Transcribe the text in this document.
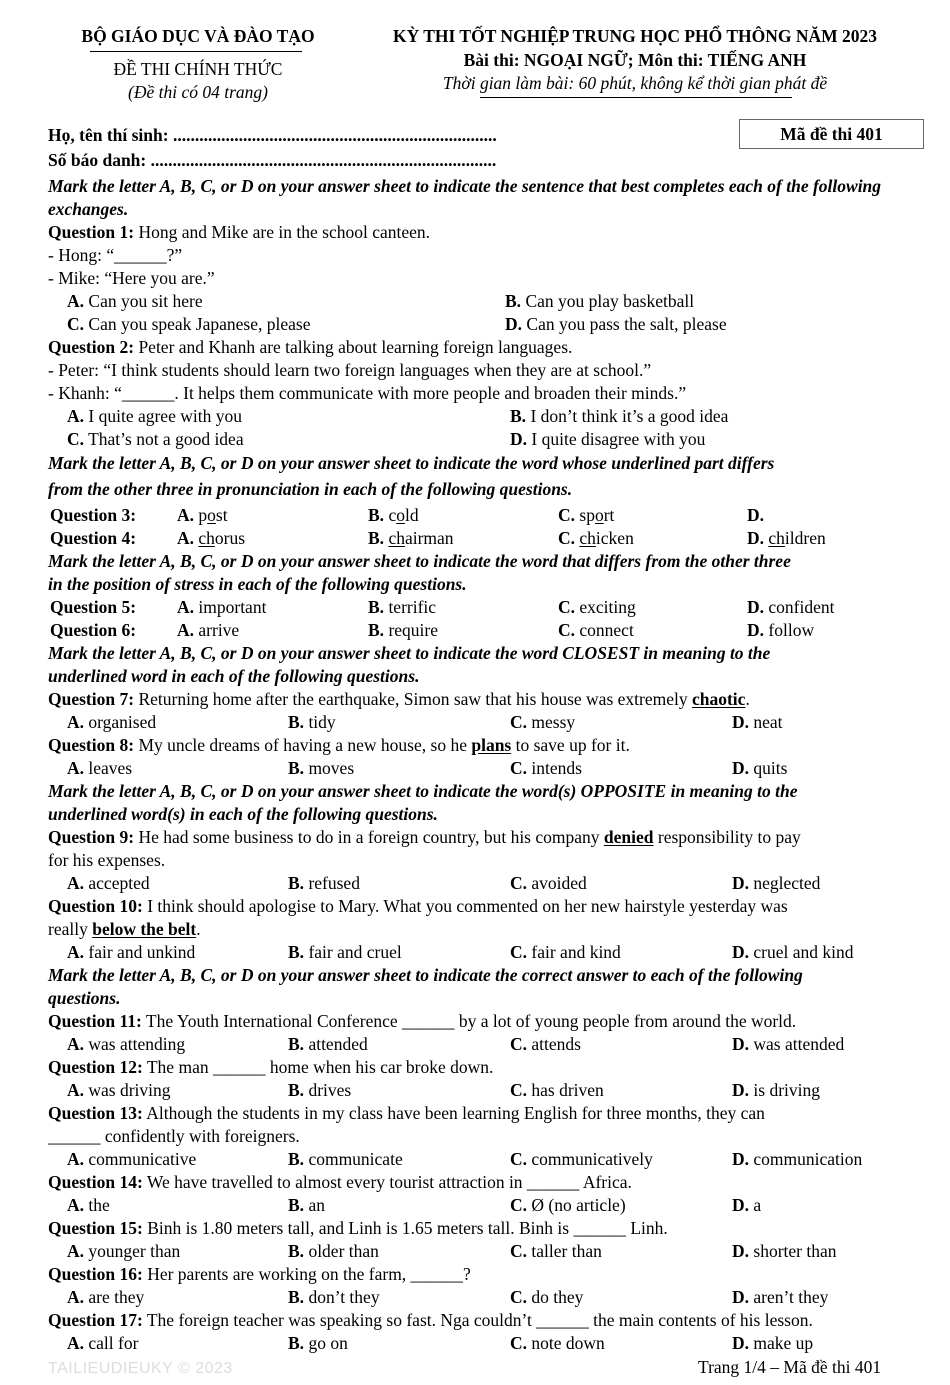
BỘ GIÁO DỤC VÀ ĐÀO TẠO
ĐỀ THI CHÍNH THỨC
(Đề thi có 04 trang)
KỲ THI TỐT NGHIỆP TRUNG HỌC PHỔ THÔNG NĂM 2023
Bài thi: NGOẠI NGỮ; Môn thi: TIẾNG ANH
Thời gian làm bài: 60 phút, không kể thời gian phát đề
Họ, tên thí sinh: ..........................................................................	Mã đề thi 401
Số báo danh: ...............................................................................
Mark the letter A, B, C, or D on your answer sheet to indicate the sentence that best completes each of the following exchanges.
Question 1: Hong and Mike are in the school canteen.
- Hong: “______?”
- Mike: “Here you are.”
A. Can you sit here	B. Can you play basketball
C. Can you speak Japanese, please	D. Can you pass the salt, please
Question 2: Peter and Khanh are talking about learning foreign languages.
- Peter: “I think students should learn two foreign languages when they are at school.”
- Khanh: “______. It helps them communicate with more people and broaden their minds.”
A. I quite agree with you	B. I don’t think it’s a good idea
C. That’s not a good idea	D. I quite disagree with you
Mark the letter A, B, C, or D on your answer sheet to indicate the word whose underlined part differs
from the other three in pronunciation in each of the following questions.
Question 3: A. post	B. cold	C. sport	D.
Question 4: A. chorus	B. chairman	C. chicken	D. children
Mark the letter A, B, C, or D on your answer sheet to indicate the word that differs from the other three
in the position of stress in each of the following questions.
Question 5: A. important	B. terrific	C. exciting	D. confident
Question 6: A. arrive	B. require	C. connect	D. follow
Mark the letter A, B, C, or D on your answer sheet to indicate the word CLOSEST in meaning to the
underlined word in each of the following questions.
Question 7: Returning home after the earthquake, Simon saw that his house was extremely chaotic.
A. organised	B. tidy	C. messy	D. neat
Question 8: My uncle dreams of having a new house, so he plans to save up for it.
A. leaves	B. moves	C. intends	D. quits
Mark the letter A, B, C, or D on your answer sheet to indicate the word(s) OPPOSITE in meaning to the
underlined word(s) in each of the following questions.
Question 9: He had some business to do in a foreign country, but his company denied responsibility to pay
for his expenses.
A. accepted	B. refused	C. avoided	D. neglected
Question 10: I think should apologise to Mary. What you commented on her new hairstyle yesterday was
really below the belt.
A. fair and unkind	B. fair and cruel	C. fair and kind	D. cruel and kind
Mark the letter A, B, C, or D on your answer sheet to indicate the correct answer to each of the following
questions.
Question 11: The Youth International Conference ______ by a lot of young people from around the world.
A. was attending	B. attended	C. attends	D. was attended
Question 12: The man ______ home when his car broke down.
A. was driving	B. drives	C. has driven	D. is driving
Question 13: Although the students in my class have been learning English for three months, they can
______ confidently with foreigners.
A. communicative	B. communicate	C. communicatively	D. communication
Question 14: We have travelled to almost every tourist attraction in ______ Africa.
A. the	B. an	C. Ø (no article)	D. a
Question 15: Binh is 1.80 meters tall, and Linh is 1.65 meters tall. Binh is ______ Linh.
A. younger than	B. older than	C. taller than	D. shorter than
Question 16: Her parents are working on the farm, ______?
A. are they	B. don’t they	C. do they	D. aren’t they
Question 17: The foreign teacher was speaking so fast. Nga couldn’t ______ the main contents of his lesson.
A. call for	B. go on	C. note down	D. make up
TAILIEUDIEUKY © 2023	Trang 1/4 – Mã đề thi 401
